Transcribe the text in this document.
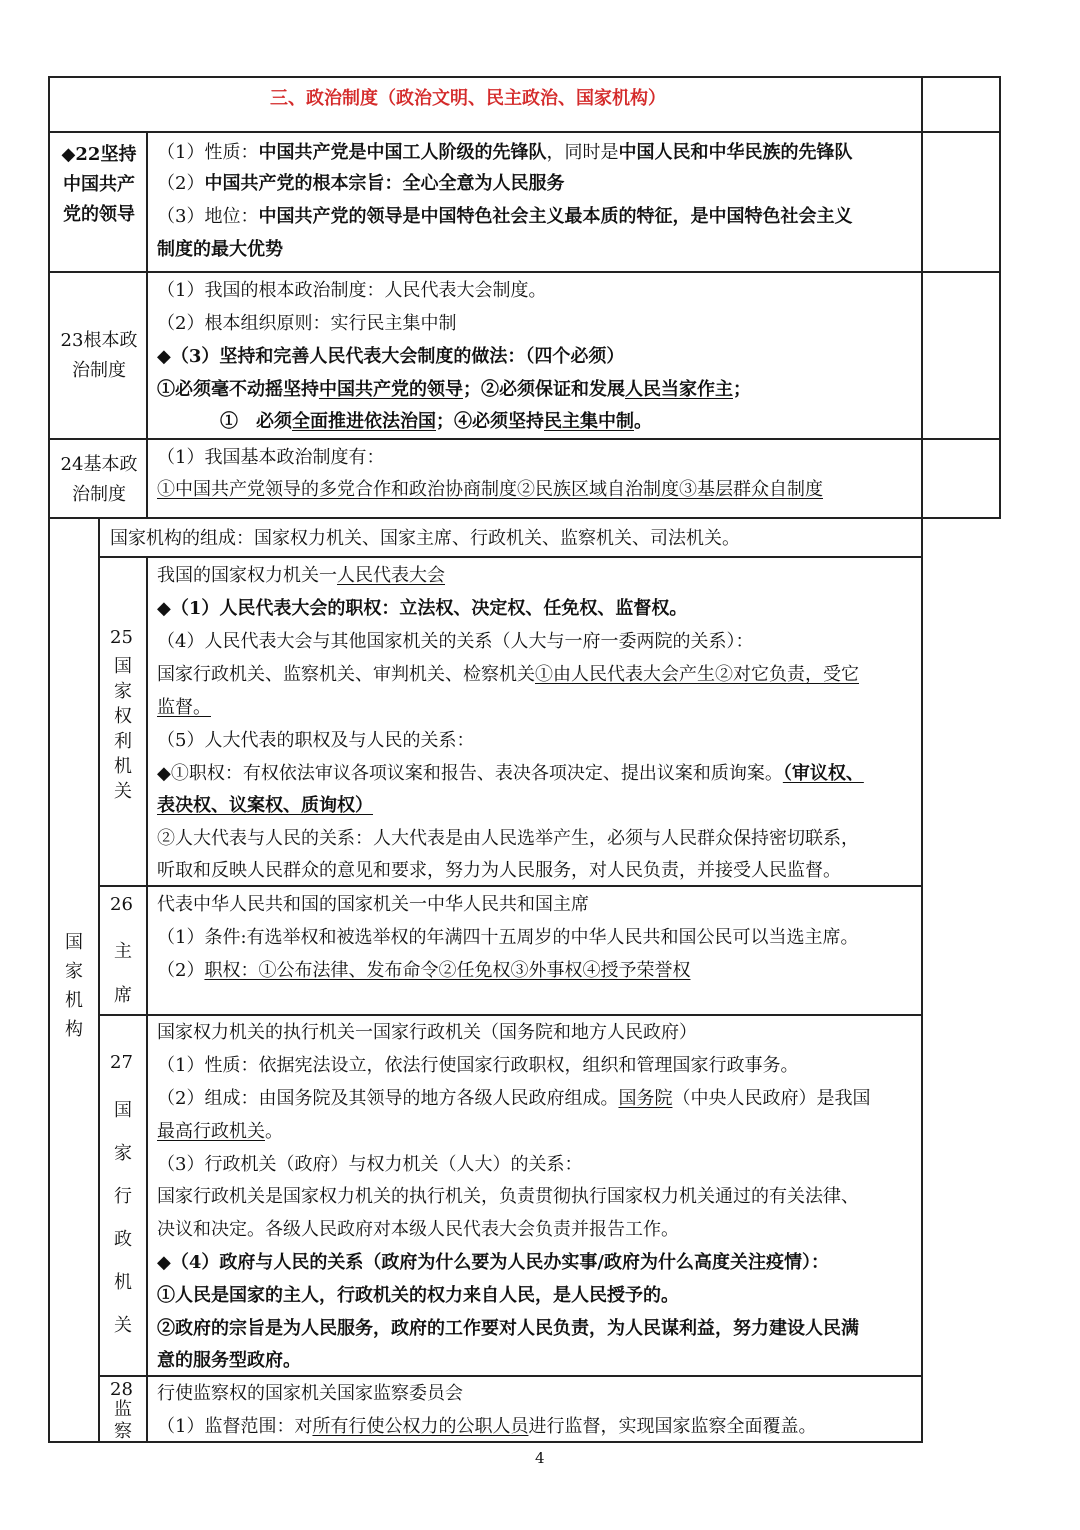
三、政治制度（政治文明、民主政治、国家机构）
◆22坚持中国共产党的领导
（1）性质：中国共产党是中国工人阶级的先锋队，同时是中国人民和中华民族的先锋队
（2）中国共产党的根本宗旨：全心全意为人民服务
（3）地位：中国共产党的领导是中国特色社会主义最本质的特征，是中国特色社会主义
制度的最大优势
23根本政治制度
（1）我国的根本政治制度：人民代表大会制度。
（2）根本组织原则：实行民主集中制
◆（3）坚持和完善人民代表大会制度的做法：（四个必须）
①必须毫不动摇坚持中国共产党的领导；②必须保证和发展人民当家作主；
①　必须全面推进依法治国；④必须坚持民主集中制。
24基本政治制度
（1）我国基本政治制度有：
①中国共产党领导的多党合作和政治协商制度②民族区域自治制度③基层群众自制度
国家机构
国家机构的组成：国家权力机关、国家主席、行政机关、监察机关、司法机关。
25
国家权利机关
我国的国家权力机关一人民代表大会
◆（1）人民代表大会的职权：立法权、决定权、任免权、监督权。
（4）人民代表大会与其他国家机关的关系（人大与一府一委两院的关系）：
国家行政机关、监察机关、审判机关、检察机关①由人民代表大会产生②对它负责，受它
监督。
（5）人大代表的职权及与人民的关系：
◆①职权：有权依法审议各项议案和报告、表决各项决定、提出议案和质询案。（审议权、
表决权、议案权、质询权）
②人大代表与人民的关系：人大代表是由人民选举产生，必须与人民群众保持密切联系，
听取和反映人民群众的意见和要求，努力为人民服务，对人民负责，并接受人民监督。
26
主席
代表中华人民共和国的国家机关一中华人民共和国主席
（1）条件:有选举权和被选举权的年满四十五周岁的中华人民共和国公民可以当选主席。
（2）职权：①公布法律、发布命令②任免权③外事权④授予荣誉权
27
国家行政机关
国家权力机关的执行机关一国家行政机关（国务院和地方人民政府）
（1）性质：依据宪法设立，依法行使国家行政职权，组织和管理国家行政事务。
（2）组成：由国务院及其领导的地方各级人民政府组成。国务院（中央人民政府）是我国
最高行政机关。
（3）行政机关（政府）与权力机关（人大）的关系：
国家行政机关是国家权力机关的执行机关，负责贯彻执行国家权力机关通过的有关法律、
决议和决定。各级人民政府对本级人民代表大会负责并报告工作。
◆（4）政府与人民的关系（政府为什么要为人民办实事/政府为什么高度关注疫情）：
①人民是国家的主人，行政机关的权力来自人民，是人民授予的。
②政府的宗旨是为人民服务，政府的工作要对人民负责，为人民谋利益，努力建设人民满
意的服务型政府。
28
监察
行使监察权的国家机关国家监察委员会
（1）监督范围：对所有行使公权力的公职人员进行监督，实现国家监察全面覆盖。
4
